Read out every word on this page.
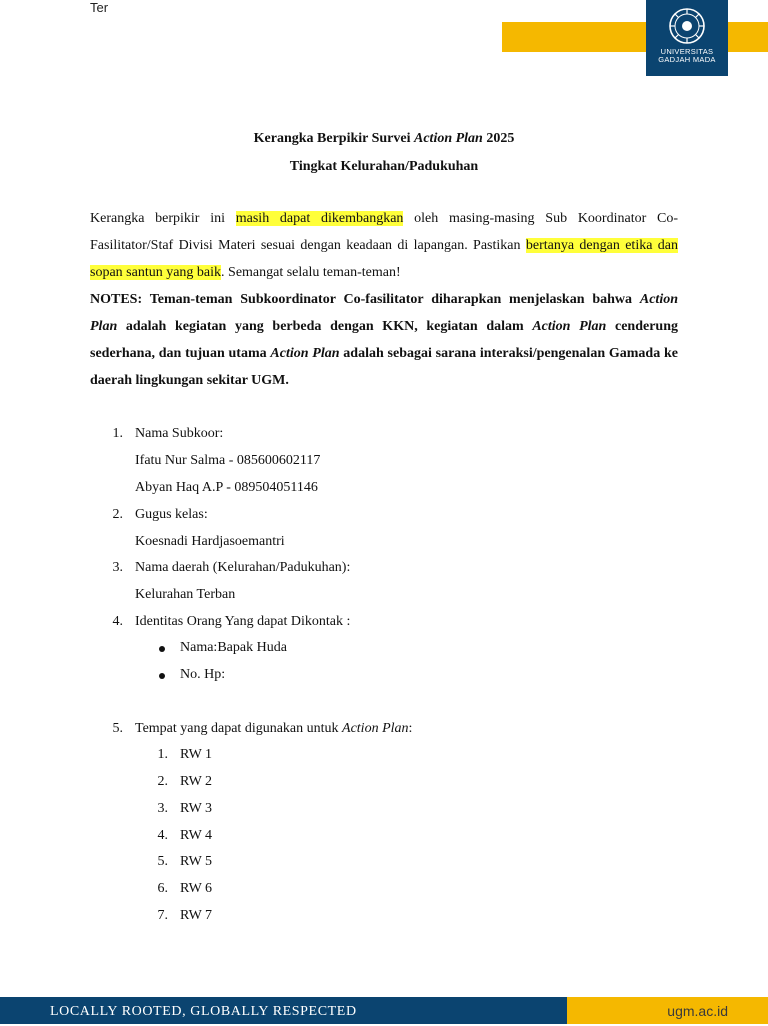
Ter
UNIVERSITAS
GADJAH MADA
Kerangka Berpikir Survei Action Plan 2025
Tingkat Kelurahan/Padukuhan
Kerangka berpikir ini masih dapat dikembangkan oleh masing-masing Sub Koordinator Co-Fasilitator/Staf Divisi Materi sesuai dengan keadaan di lapangan. Pastikan bertanya dengan etika dan sopan santun yang baik. Semangat selalu teman-teman!
NOTES: Teman-teman Subkoordinator Co-fasilitator diharapkan menjelaskan bahwa Action Plan adalah kegiatan yang berbeda dengan KKN, kegiatan dalam Action Plan cenderung sederhana, dan tujuan utama Action Plan adalah sebagai sarana interaksi/pengenalan Gamada ke daerah lingkungan sekitar UGM.
1. Nama Subkoor:
Ifatu Nur Salma - 085600602117
Abyan Haq A.P - 089504051146
2. Gugus kelas:
Koesnadi Hardjasoemantri
3. Nama daerah (Kelurahan/Padukuhan):
Kelurahan Terban
4. Identitas Orang Yang dapat Dikontak :
Nama:Bapak Huda
No. Hp:
5. Tempat yang dapat digunakan untuk Action Plan:
1. RW 1
2. RW 2
3. RW 3
4. RW 4
5. RW 5
6. RW 6
7. RW 7
LOCALLY ROOTED, GLOBALLY RESPECTED	ugm.ac.id
